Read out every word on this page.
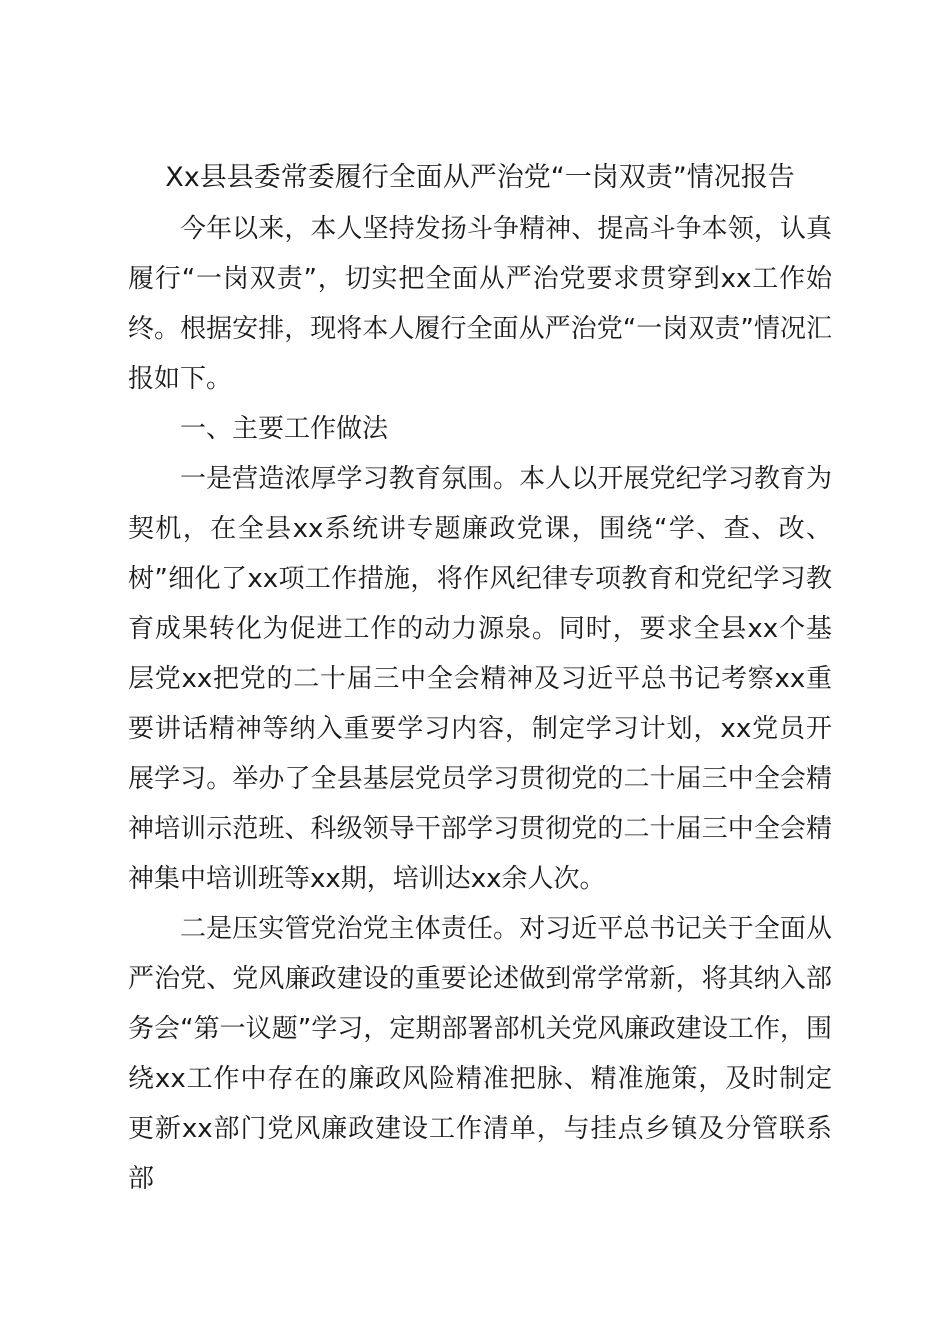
Xx县县委常委履行全面从严治党“一岗双责”情况报告

今年以来，本人坚持发扬斗争精神、提高斗争本领，认真履行“一岗双责”，切实把全面从严治党要求贯穿到xx工作始终。根据安排，现将本人履行全面从严治党“一岗双责”情况汇报如下。

一、主要工作做法

一是营造浓厚学习教育氛围。本人以开展党纪学习教育为契机，在全县xx系统讲专题廉政党课，围绕“学、查、改、树”细化了xx项工作措施，将作风纪律专项教育和党纪学习教育成果转化为促进工作的动力源泉。同时，要求全县xx个基层党xx把党的二十届三中全会精神及习近平总书记考察xx重要讲话精神等纳入重要学习内容，制定学习计划，xx党员开展学习。举办了全县基层党员学习贯彻党的二十届三中全会精神培训示范班、科级领导干部学习贯彻党的二十届三中全会精神集中培训班等xx期，培训达xx余人次。

二是压实管党治党主体责任。对习近平总书记关于全面从严治党、党风廉政建设的重要论述做到常学常新，将其纳入部务会“第一议题”学习，定期部署部机关党风廉政建设工作，围绕xx工作中存在的廉政风险精准把脉、精准施策，及时制定更新xx部门党风廉政建设工作清单，与挂点乡镇及分管联系部
